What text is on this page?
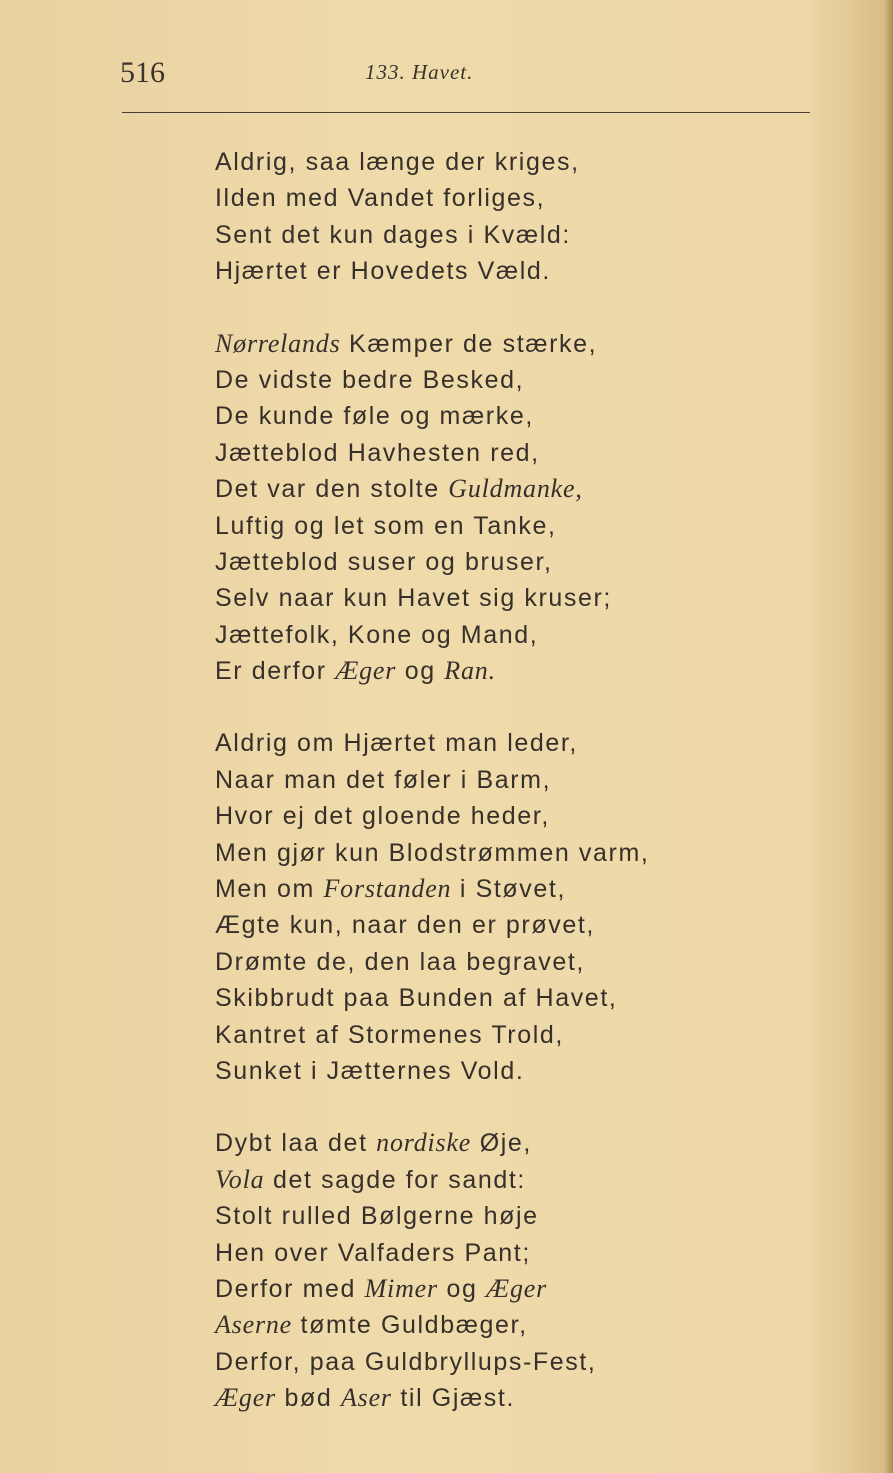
516	133. Havet.
Aldrig, saa længe der kriges,
Ilden med Vandet forliges,
Sent det kun dages i Kvæld:
Hjærtet er Hovedets Væld.
Nørrelands Kæmper de stærke,
De vidste bedre Besked,
De kunde føle og mærke,
Jætteblod Havhesten red,
Det var den stolte Guldmanke,
Luftig og let som en Tanke,
Jætteblod suser og bruser,
Selv naar kun Havet sig kruser;
Jættefolk, Kone og Mand,
Er derfor Æger og Ran.
Aldrig om Hjærtet man leder,
Naar man det føler i Barm,
Hvor ej det gloende heder,
Men gjør kun Blodstrømmen varm,
Men om Forstanden i Støvet,
Ægte kun, naar den er prøvet,
Drømte de, den laa begravet,
Skibbrudt paa Bunden af Havet,
Kantret af Stormenes Trold,
Sunket i Jætternes Vold.
Dybt laa det nordiske Øje,
Vola det sagde for sandt:
Stolt rulled Bølgerne høje
Hen over Valfaders Pant;
Derfor med Mimer og Æger
Aserne tømte Guldbæger,
Derfor, paa Guldbryllups-Fest,
Æger bød Aser til Gjæst.
